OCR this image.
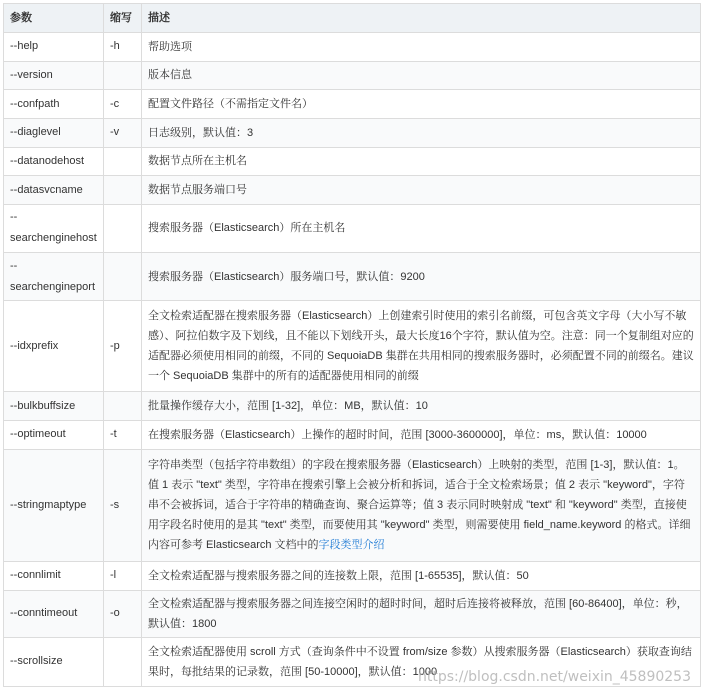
参数	缩写	描述
--help	-h	帮助选项
--version		版本信息
--confpath	-c	配置文件路径（不需指定文件名）
--diaglevel	-v	日志级别，默认值：3
--datanodehost		数据节点所在主机名
--datasvcname		数据节点服务端口号
--searchenginehost		搜索服务器（Elasticsearch）所在主机名
--searchengineport		搜索服务器（Elasticsearch）服务端口号，默认值：9200
--idxprefix	-p	全文检索适配器在搜索服务器（Elasticsearch）上创建索引时使用的索引名前缀，可包含英文字母（大小写不敏感）、阿拉伯数字及下划线，且不能以下划线开头，最大长度16个字符，默认值为空。注意：同一个复制组对应的适配器必须使用相同的前缀，不同的 SequoiaDB 集群在共用相同的搜索服务器时，必须配置不同的前缀名。建议一个 SequoiaDB 集群中的所有的适配器使用相同的前缀
--bulkbuffsize		批量操作缓存大小，范围 [1-32]，单位：MB，默认值：10
--optimeout	-t	在搜索服务器（Elasticsearch）上操作的超时时间，范围 [3000-3600000]，单位：ms，默认值：10000
--stringmaptype	-s	字符串类型（包括字符串数组）的字段在搜索服务器（Elasticsearch）上映射的类型，范围 [1-3]，默认值：1。值 1 表示 "text" 类型，字符串在搜索引擎上会被分析和拆词，适合于全文检索场景；值 2 表示 "keyword"，字符串不会被拆词，适合于字符串的精确查询、聚合运算等；值 3 表示同时映射成 "text" 和 "keyword" 类型，直接使用字段名时使用的是其 "text" 类型，而要使用其 "keyword" 类型，则需要使用 field_name.keyword 的格式。详细内容可参考 Elasticsearch 文档中的字段类型介绍
--connlimit	-l	全文检索适配器与搜索服务器之间的连接数上限，范围 [1-65535]，默认值：50
--conntimeout	-o	全文检索适配器与搜索服务器之间连接空闲时的超时时间，超时后连接将被释放，范围 [60-86400]，单位：秒，默认值：1800
--scrollsize		全文检索适配器使用 scroll 方式（查询条件中不设置 from/size 参数）从搜索服务器（Elasticsearch）获取查询结果时，每批结果的记录数，范围 [50-10000]，默认值：1000
https://blog.csdn.net/weixin_45890253
